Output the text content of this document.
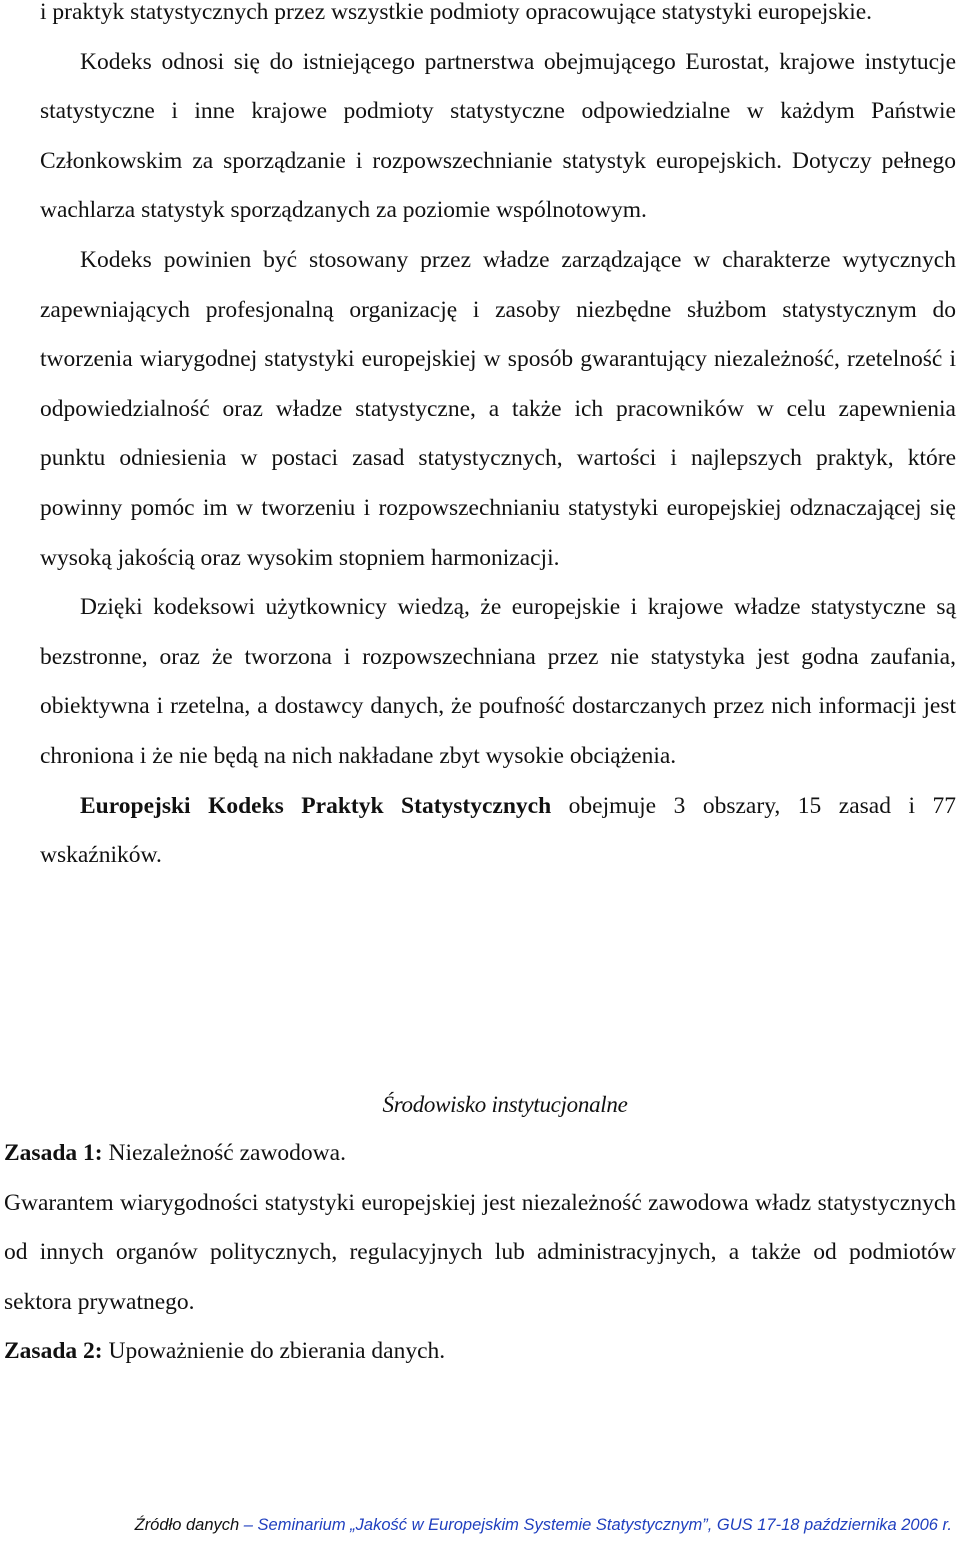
i praktyk statystycznych przez wszystkie podmioty opracowujące statystyki europejskie.

Kodeks odnosi się do istniejącego partnerstwa obejmującego Eurostat, krajowe instytucje statystyczne i inne krajowe podmioty statystyczne odpowiedzialne w każdym Państwie Członkowskim za sporządzanie i rozpowszechnianie statystyk europejskich. Dotyczy pełnego wachlarza statystyk sporządzanych za poziomie wspólnotowym.

Kodeks powinien być stosowany przez władze zarządzające w charakterze wytycznych zapewniających profesjonalną organizację i zasoby niezbędne służbom statystycznym do tworzenia wiarygodnej statystyki europejskiej w sposób gwarantujący niezależność, rzetelność i odpowiedzialność oraz władze statystyczne, a także ich pracowników w celu zapewnienia punktu odniesienia w postaci zasad statystycznych, wartości i najlepszych praktyk, które powinny pomóc im w tworzeniu i rozpowszechnianiu statystyki europejskiej odznaczającej się wysoką jakością oraz wysokim stopniem harmonizacji.

Dzięki kodeksowi użytkownicy wiedzą, że europejskie i krajowe władze statystyczne są bezstronne, oraz że tworzona i rozpowszechniana przez nie statystyka jest godna zaufania, obiektywna i rzetelna, a dostawcy danych, że poufność dostarczanych przez nich informacji jest chroniona i że nie będą na nich nakładane zbyt wysokie obciążenia.

Europejski Kodeks Praktyk Statystycznych obejmuje 3 obszary, 15 zasad i 77 wskaźników.

Środowisko instytucjonalne

Zasada 1: Niezależność zawodowa.

Gwarantem wiarygodności statystyki europejskiej jest niezależność zawodowa władz statystycznych od innych organów politycznych, regulacyjnych lub administracyjnych, a także od podmiotów sektora prywatnego.

Zasada 2: Upoważnienie do zbierania danych.

Źródło danych – Seminarium „Jakość w Europejskim Systemie Statystycznym”, GUS 17-18 października 2006 r.
